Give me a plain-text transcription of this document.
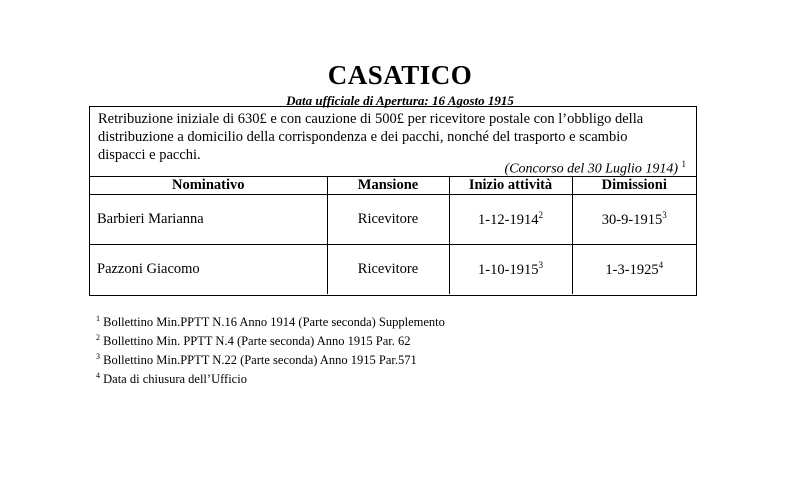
CASATICO
Data ufficiale di Apertura: 16 Agosto 1915
Retribuzione iniziale di 630£ e con cauzione di 500£ per ricevitore postale con l’obbligo della distribuzione a domicilio della corrispondenza e dei pacchi, nonché del trasporto e scambio dispacci e pacchi.
(Concorso del 30 Luglio 1914) $^1$
Nominativo	Mansione	Inizio attività	Dimissioni
Barbieri Marianna	Ricevitore	1-12-1914$^2$	30-9-1915$^3$
Pazzoni Giacomo	Ricevitore	1-10-1915$^3$	1-3-1925$^4$
$^1$ Bollettino Min.PPTT N.16 Anno 1914 (Parte seconda) Supplemento
$^2$ Bollettino Min. PPTT N.4 (Parte seconda) Anno 1915 Par. 62
$^3$ Bollettino Min.PPTT N.22 (Parte seconda) Anno 1915 Par.571
$^4$ Data di chiusura dell’Ufficio
